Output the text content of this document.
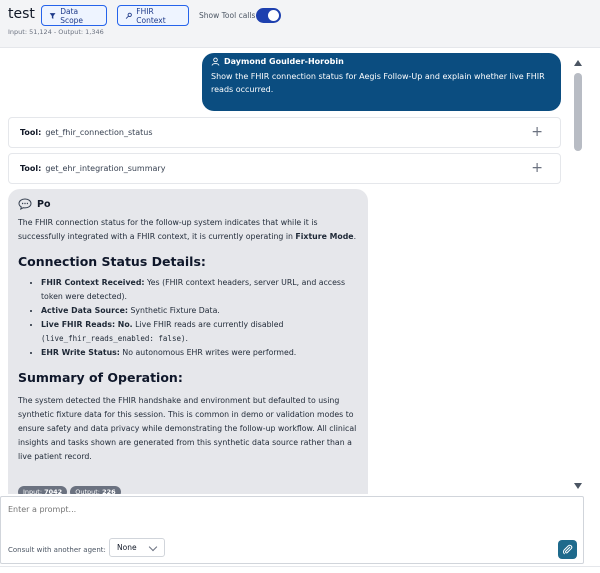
test	Data Scope
FHIR Context	Show Tool calls
Input: 51,124 - Output: 1,346
Daymond Goulder-Horobin
Show the FHIR connection status for Aegis Follow-Up and explain whether live FHIR reads occurred.
Tool: get_fhir_connection_status	+
Tool: get_ehr_integration_summary	+
Po

The FHIR connection status for the follow-up system indicates that while it is successfully integrated with a FHIR context, it is currently operating in Fixture Mode.

Connection Status Details:
• FHIR Context Received: Yes (FHIR context headers, server URL, and access token were detected).
• Active Data Source: Synthetic Fixture Data.
• Live FHIR Reads: No. Live FHIR reads are currently disabled
(live_fhir_reads_enabled: false).
• EHR Write Status: No autonomous EHR writes were performed.
Summary of Operation:

The system detected the FHIR handshake and environment but defaulted to using synthetic fixture data for this session. This is common in demo or validation modes to ensure safety and data privacy while demonstrating the follow-up workflow. All clinical insights and tasks shown are generated from this synthetic data source rather than a live patient record.

Input: 7042	Output: 226
Enter a prompt...
Consult with another agent: None
